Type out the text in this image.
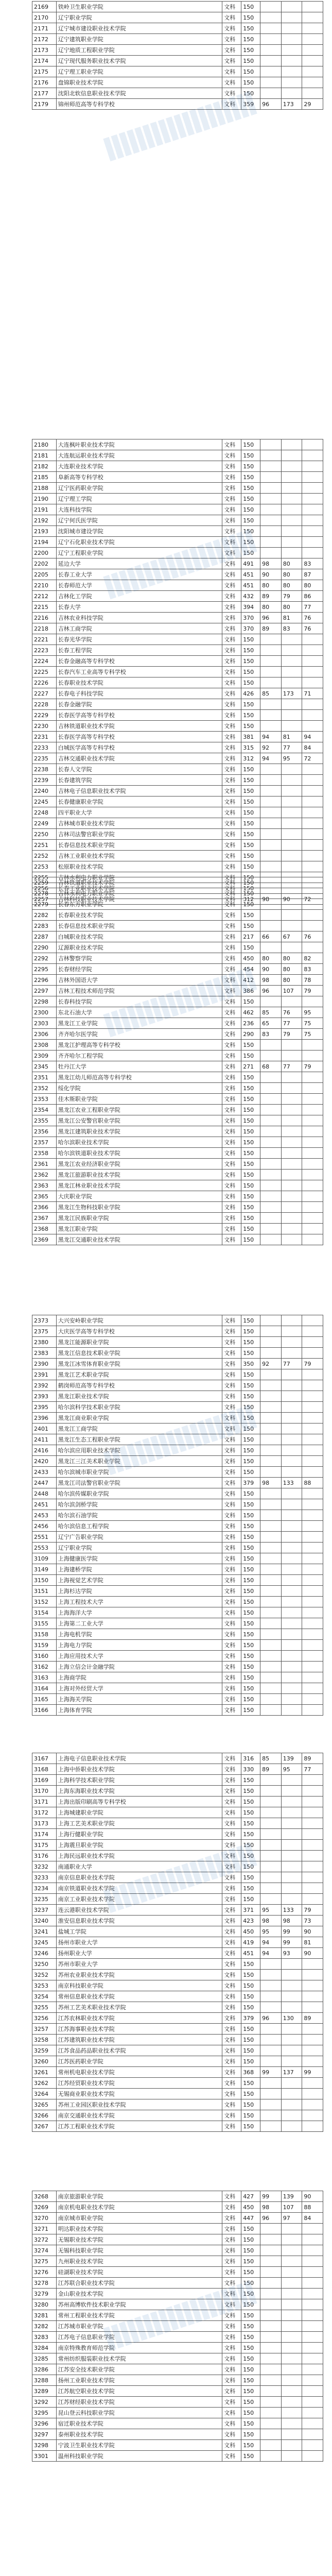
2169	铁岭卫生职业学院	文科	150			
2170	辽宁职业学院	文科	150			
2171	辽宁城市建设职业技术学院	文科	150			
2172	辽宁建筑职业学院	文科	150			
2173	辽宁地质工程职业学院	文科	150			
2174	辽宁现代服务职业技术学院	文科	150			
2175	辽宁理工职业学院	文科	150			
2176	盘锦职业技术学院	文科	150			
2177	沈阳北软信息职业技术学院	文科	150			
2179	锦州师范高等专科学校	文科	359	96	173	29
2180	大连枫叶职业技术学院	文科	150			
2181	大连航运职业技术学院	文科	150			
2182	大连职业技术学院	文科	150			
2185	阜新高等专科学校	文科	150			
2188	辽宁医药职业学院	文科	150			
2190	辽宁理工学院	文科	150			
2191	大连科技学院	文科	150			
2192	辽宁何氏医学院	文科	150			
2193	沈阳城市建设学院	文科	150			
2194	辽宁石化职业技术学院	文科	150			
2200	辽宁工程职业学院	文科	150			
2202	延边大学	文科	491	98	80	83
2205	长春工业大学	文科	451	90	80	87
2210	长春师范大学	文科	451	80	80	80
2212	吉林化工学院	文科	432	89	79	86
2215	长春大学	文科	394	80	80	77
2216	吉林农业科技学院	文科	370	96	81	76
2218	吉林工商学院	文科	370	89	83	76
2221	长春光华学院	文科	150			
2223	长春工程学院	文科	150			
2224	长春金融高等专科学校	文科	150			
2225	长春汽车工业高等专科学校	文科	150			
2226	长春职业技术学院	文科	150			
2227	长春电子科技学院	文科	426	85	173	71
2228	长春金融学院	文科	150			
2229	长春医学高等专科学校	文科	150			
2230	吉林铁道职业技术学院	文科	150			
2231	长春医学高等专科学校	文科	381	94	81	94
2233	白城医学高等专科学校	文科	315	92	77	84
2235	吉林交通职业技术学院	文科	312	94	95	72
2238	长春人文学院	文科	150			
2239	长春建筑学院	文科	150			
2240	吉林电子信息职业技术学院	文科	150			
2245	长春健康职业学院	文科	150			
2248	四平职业大学	文科	150			
2249	吉林城市职业技术学院	文科	150			
2250	吉林司法警官职业学院	文科	150			
2251	长春信息技术职业学院	文科	150			
2252	吉林工业职业技术学院	文科	150			
2253	松原职业技术学院	文科	150			
2255	吉林水利电力职业学院	文科	150			
2256	长春工业职业技术学院	文科	150			
2257	吉林科技职业技术学院	文科	312	98	90	72
2259	吉林铁道职业技术学院	文科	150			
2278	吉林水利电力职业学院	文科	150			
2279	长春东方职业学院	文科	150			
2282	长春职业技术学院	文科	150			
2283	长春信息技术职业学院	文科	150			
2287	白城职业技术学院	文科	217	66	67	76
2290	辽源职业技术学院	文科	150			
2292	吉林警察学院	文科	450	80	80	82
2295	长春财经学院	文科	454	90	80	83
2296	吉林外国语大学	文科	412	98	80	78
2297	吉林工程技术师范学院	文科	386	96	107	79
2298	长春科技学院	文科	150			
2300	东北石油大学	文科	462	85	76	95
2303	黑龙江工业学院	文科	236	65	77	75
2306	齐齐哈尔医学院	文科	290	83	79	75
2308	黑龙江护理高等专科学校	文科	150			
2309	齐齐哈尔工程学院	文科	150			
2345	牡丹江大学	文科	271	68	77	79
2351	黑龙江幼儿师范高等专科学校	文科	150			
2352	绥化学院	文科	150			
2353	佳木斯职业学院	文科	150			
2354	黑龙江农业工程职业学院	文科	150			
2355	黑龙江公安警官职业学院	文科	150			
2356	黑龙江建筑职业技术学院	文科	150			
2357	哈尔滨职业技术学院	文科	150			
2358	哈尔滨铁道职业技术学院	文科	150			
2361	黑龙江农业经济职业学院	文科	150			
2362	黑龙江旅游职业技术学院	文科	150			
2363	黑龙江林业职业技术学院	文科	150			
2365	大庆职业学院	文科	150			
2366	黑龙江生物科技职业学院	文科	150			
2367	黑龙江民族职业学院	文科	150			
2368	黑龙江职业学院	文科	150			
2369	黑龙江交通职业技术学院	文科	150			
2373	大兴安岭职业学院	文科	150			
2375	大庆医学高等专科学校	文科	150			
2380	黑龙江能源职业学院	文科	150			
2383	黑龙江信息技术职业学院	文科	150			
2390	黑龙江冰雪体育职业学院	文科	350	92	77	79
2391	黑龙江艺术职业学院	文科	150			
2392	鹤岗师范高等专科学校	文科	150			
2393	黑龙江职业技术学院	文科	150			
2395	哈尔滨科学技术职业学院	文科	150			
2396	黑龙江商业职业学院	文科	150			
2401	黑龙江工商学院	文科	150			
2411	黑龙江生态工程职业学院	文科	150			
2416	哈尔滨应用职业技术学院	文科	150			
2420	黑龙江三江美术职业学院	文科	150			
2433	哈尔滨城市职业学院	文科	150			
2447	黑龙江司法警官职业学院	文科	379	98	133	88
2448	哈尔滨传媒职业学院	文科	150			
2451	哈尔滨剑桥学院	文科	150			
2453	哈尔滨石油学院	文科	150			
2456	哈尔滨信息工程学院	文科	150			
2551	辽宁广告职业学院	文科	150			
2553	辽宁职业学院	文科	150			
3109	上海健康医学院	文科	150			
3149	上海建桥学院	文科	150			
3150	上海视觉艺术学院	文科	150			
3151	上海杉达学院	文科	150			
3152	上海工程技术大学	文科	150			
3154	上海海洋大学	文科	150			
3155	上海第二工业大学	文科	150			
3158	上海电机学院	文科	150			
3159	上海电力学院	文科	150			
3160	上海应用技术大学	文科	150			
3162	上海立信会计金融学院	文科	150			
3163	上海商学院	文科	150			
3164	上海对外经贸大学	文科	150			
3165	上海海关学院	文科	150			
3166	上海体育学院	文科	150			
3167	上海电子信息职业技术学院	文科	316	85	139	89
3168	上海中侨职业技术学院	文科	330	89	95	77
3169	上海科学技术职业学院	文科	150			
3170	上海东海职业技术学院	文科	150			
3171	上海出版印刷高等专科学校	文科	150			
3172	上海城建职业学院	文科	150			
3173	上海工艺美术职业学院	文科	150			
3174	上海行健职业学院	文科	150			
3175	上海震旦职业学院	文科	150			
3176	上海民远职业技术学院	文科	150			
3232	南通职业大学	文科	150			
3233	南京信息职业技术学院	文科	150			
3234	南京铁道职业技术学院	文科	150			
3235	南京工业职业技术学院	文科	150			
3237	连云港职业技术学院	文科	371	95	133	79
3240	淮安信息职业技术学院	文科	423	98	98	73
3241	盐城工学院	文科	450	95	99	90
3245	扬州市职业大学	文科	419	94	99	81
3246	扬州职业大学	文科	451	94	93	90
3250	苏州市职业大学	文科	150			
3252	苏州农业职业技术学院	文科	150			
3253	南京科技职业学院	文科	150			
3254	常州信息职业技术学院	文科	150			
3255	苏州工艺美术职业技术学院	文科	150			
3256	江苏农林职业技术学院	文科	379	96	130	89
3257	江苏海事职业技术学院	文科	150			
3258	江苏建筑职业技术学院	文科	150			
3259	江苏食品药品职业技术学院	文科	150			
3260	江苏医药职业学院	文科	150			
3261	常州机电职业技术学院	文科	368	99	137	99
3262	江苏经贸职业技术学院	文科	150			
3264	无锡商业职业技术学院	文科	150			
3265	苏州工业园区职业技术学院	文科	150			
3266	南京交通职业技术学院	文科	150			
3267	江苏工程职业技术学院	文科	150			
3268	南京旅游职业学院	文科	427	99	139	90
3269	南京机电职业技术学院	文科	450	98	107	88
3270	南京城市职业学院	文科	447	96	97	84
3271	明达职业技术学院	文科	150			
3272	无锡职业技术学院	文科	150			
3274	无锡科技职业学院	文科	150			
3275	九州职业技术学院	文科	150			
3276	硅湖职业技术学院	文科	150			
3278	江苏联合职业技术学院	文科	150			
3279	金山职业技术学院	文科	150			
3280	苏州高博软件技术职业学院	文科	150			
3281	常州工程职业技术学院	文科	150			
3282	江苏城市职业学院	文科	150			
3283	江苏电子信息职业学院	文科	150			
3284	南京特殊教育师范学院	文科	150			
3285	常州纺织服装职业技术学院	文科	150			
3286	江苏安全技术职业学院	文科	150			
3288	扬州工业职业技术学院	文科	150			
3289	江苏航空职业技术学院	文科	150			
3292	江苏财经职业技术学院	文科	150			
3295	昆山登云科技职业学院	文科	150			
3296	宿迁职业技术学院	文科	150			
3297	泰州职业技术学院	文科	150			
3298	宁波卫生职业技术学院	文科	150			
3301	温州科技职业学院	文科	150			
